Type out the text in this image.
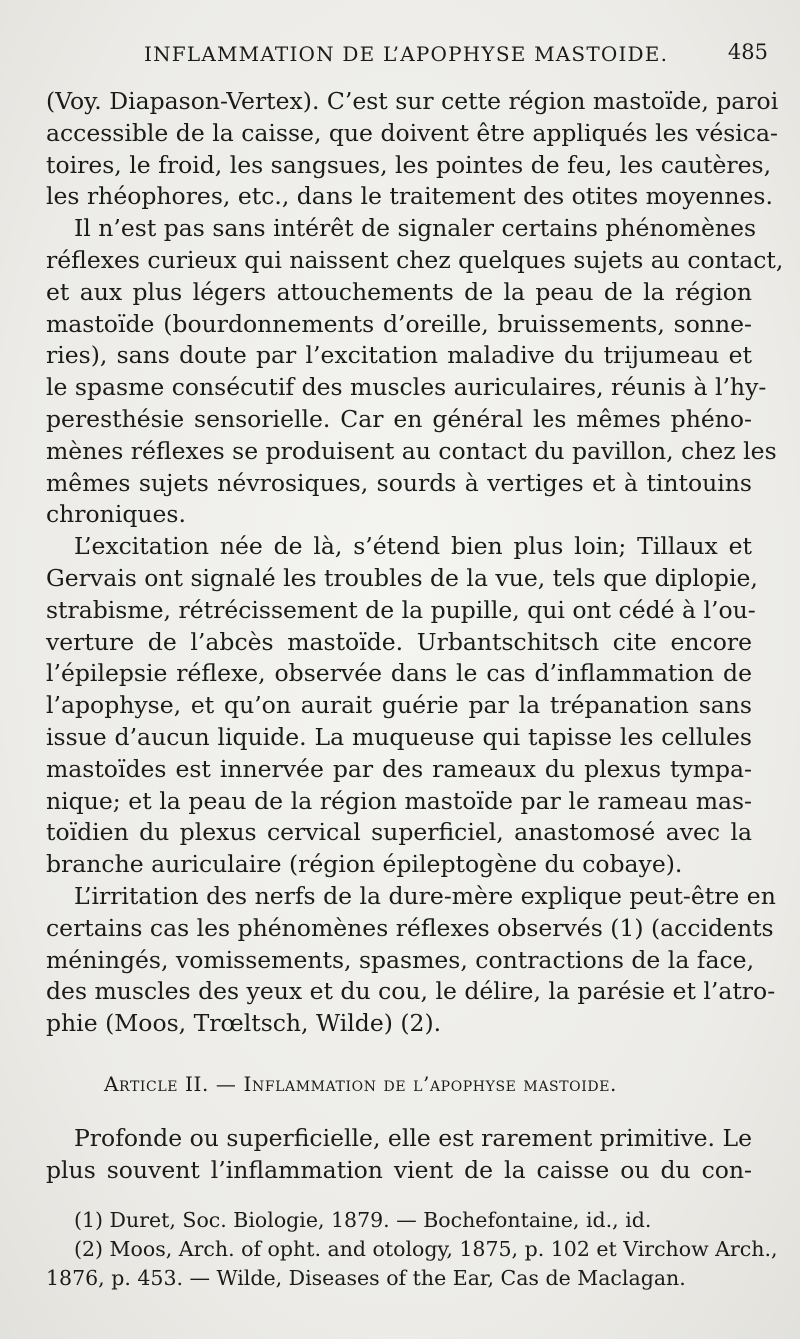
INFLAMMATION DE L’APOPHYSE MASTOIDE.	485
(Voy. Diapason-Vertex). C’est sur cette région mastoïde, paroi
accessible de la caisse, que doivent être appliqués les vésica-
toires, le froid, les sangsues, les pointes de feu, les cautères,
les rhéophores, etc., dans le traitement des otites moyennes.
Il n’est pas sans intérêt de signaler certains phénomènes
réflexes curieux qui naissent chez quelques sujets au contact,
et aux plus légers attouchements de la peau de la région
mastoïde (bourdonnements d’oreille, bruissements, sonne-
ries), sans doute par l’excitation maladive du trijumeau et
le spasme consécutif des muscles auriculaires, réunis à l’hy-
peresthésie sensorielle. Car en général les mêmes phéno-
mènes réflexes se produisent au contact du pavillon, chez les
mêmes sujets névrosiques, sourds à vertiges et à tintouins
chroniques.
L’excitation née de là, s’étend bien plus loin; Tillaux et
Gervais ont signalé les troubles de la vue, tels que diplopie,
strabisme, rétrécissement de la pupille, qui ont cédé à l’ou-
verture de l’abcès mastoïde. Urbantschitsch cite encore
l’épilepsie réflexe, observée dans le cas d’inflammation de
l’apophyse, et qu’on aurait guérie par la trépanation sans
issue d’aucun liquide. La muqueuse qui tapisse les cellules
mastoïdes est innervée par des rameaux du plexus tympa-
nique; et la peau de la région mastoïde par le rameau mas-
toïdien du plexus cervical superficiel, anastomosé avec la
branche auriculaire (région épileptogène du cobaye).
L’irritation des nerfs de la dure-mère explique peut-être en
certains cas les phénomènes réflexes observés (1) (accidents
méningés, vomissements, spasmes, contractions de la face,
des muscles des yeux et du cou, le délire, la parésie et l’atro-
phie (Moos, Trœltsch, Wilde) (2).
Article II. — Inflammation de l’apophyse mastoide.
Profonde ou superficielle, elle est rarement primitive. Le
plus souvent l’inflammation vient de la caisse ou du con-
(1) Duret, Soc. Biologie, 1879. — Bochefontaine, id., id.
(2) Moos, Arch. of opht. and otology, 1875, p. 102 et Virchow Arch.,
1876, p. 453. — Wilde, Diseases of the Ear, Cas de Maclagan.
